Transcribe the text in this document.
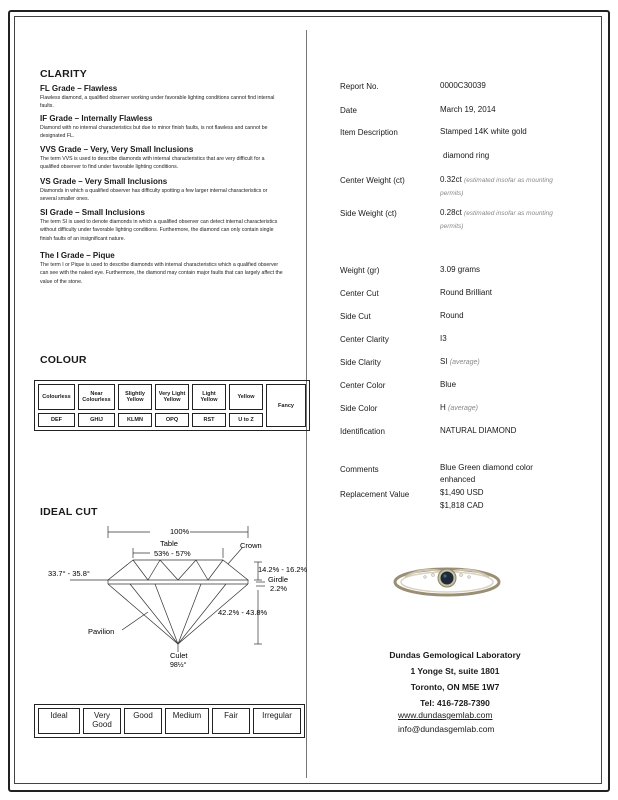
CLARITY
FL Grade – Flawless
Flawless diamond, a qualified observer working under favorable lighting conditions cannot find internal faults.
IF Grade – Internally Flawless
Diamond with no internal characteristics but due to minor finish faults, is not flawless and cannot be designated FL.
VVS Grade – Very, Very Small Inclusions
The term VVS is used to describe diamonds with internal characteristics that are very difficult for a qualified observer to find under favorable lighting conditions.
VS Grade – Very Small Inclusions
Diamonds in which a qualified observer has difficulty spotting a few larger internal characteristics or several smaller ones.
SI Grade – Small Inclusions
The term SI is used to denote diamonds in which a qualified observer can detect internal characteristics without difficulty under favorable lighting conditions. Furthermore, the diamond can only contain single finish faults of an insignificant nature.
The I Grade – Pique
The term I or Pique is used to describe diamonds with internal characteristics which a qualified observer can see with the naked eye. Furthermore, the diamond may contain major faults that can largely affect the value of the stone.
COLOUR
Colourless	Near Colourless	Slightly Yellow	Very Light Yellow	Light Yellow	Yellow	Fancy
DEF	GHIJ	KLMN	OPQ	RST	U to Z	
IDEAL CUT
100%
Table
53% - 57%
Crown
33.7° - 35.8°	14.2% - 16.2%
Girdle
2.2%
42.2% - 43.8%
Pavilion
Culet
98½°
Ideal	Very Good	Good	Medium	Fair	Irregular
Report No.	0000C30039
Date	March 19, 2014
Item Description	Stamped 14K white gold
diamond ring
Center Weight (ct)	0.32ct (estimated insofar as mounting permits)
Side Weight (ct)	0.28ct (estimated insofar as mounting permits)
Weight (gr)	3.09 grams
Center Cut	Round Brilliant
Side Cut	Round
Center Clarity	I3
Side Clarity	SI (average)
Center Color	Blue
Side Color	H (average)
Identification	NATURAL DIAMOND
Comments	Blue Green diamond color
enhanced
Replacement Value	$1,490 USD
$1,818 CAD
Dundas Gemological Laboratory
1 Yonge St, suite 1801
Toronto, ON M5E 1W7
Tel: 416-728-7390
www.dundasgemlab.com
info@dundasgemlab.com
